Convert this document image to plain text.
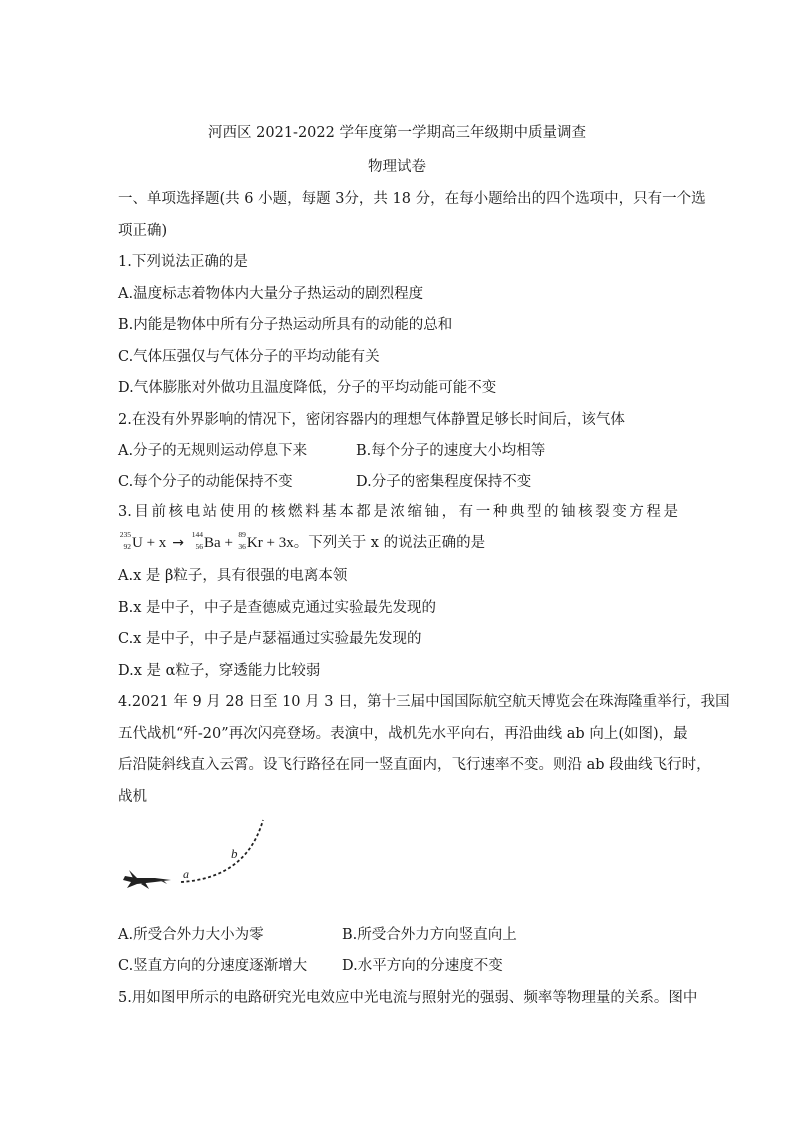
河西区 2021-2022 学年度第一学期高三年级期中质量调查
物理试卷
一、单项选择题(共 6 小题，每题 3分，共 18 分，在每小题给出的四个选项中，只有一个选
项正确)
1.下列说法正确的是
A.温度标志着物体内大量分子热运动的剧烈程度
B.内能是物体中所有分子热运动所具有的动能的总和
C.气体压强仅与气体分子的平均动能有关
D.气体膨胀对外做功且温度降低，分子的平均动能可能不变
2.在没有外界影响的情况下，密闭容器内的理想气体静置足够长时间后，该气体
A.分子的无规则运动停息下来	B.每个分子的速度大小均相等
C.每个分子的动能保持不变	D.分子的密集程度保持不变
3.目前核电站使用的核燃料基本都是浓缩铀，有一种典型的铀核裂变方程是
235
92 U + x →
144
56 Ba +
89
36 Kr + 3x。下列关于 x 的说法正确的是
A.x 是 β粒子，具有很强的电离本领
B.x 是中子，中子是查德威克通过实验最先发现的
C.x 是中子，中子是卢瑟福通过实验最先发现的
D.x 是 α粒子，穿透能力比较弱
4.2021 年 9 月 28 日至 10 月 3 日，第十三届中国国际航空航天博览会在珠海隆重举行，我国
五代战机“歼-20”再次闪亮登场。表演中，战机先水平向右，再沿曲线 ab 向上(如图)，最
后沿陡斜线直入云霄。设飞行路径在同一竖直面内，飞行速率不变。则沿 ab 段曲线飞行时，
战机
a
b
A.所受合外力大小为零	B.所受合外力方向竖直向上
C.竖直方向的分速度逐渐增大 D.水平方向的分速度不变
5.用如图甲所示的电路研究光电效应中光电流与照射光的强弱、频率等物理量的关系。图中
